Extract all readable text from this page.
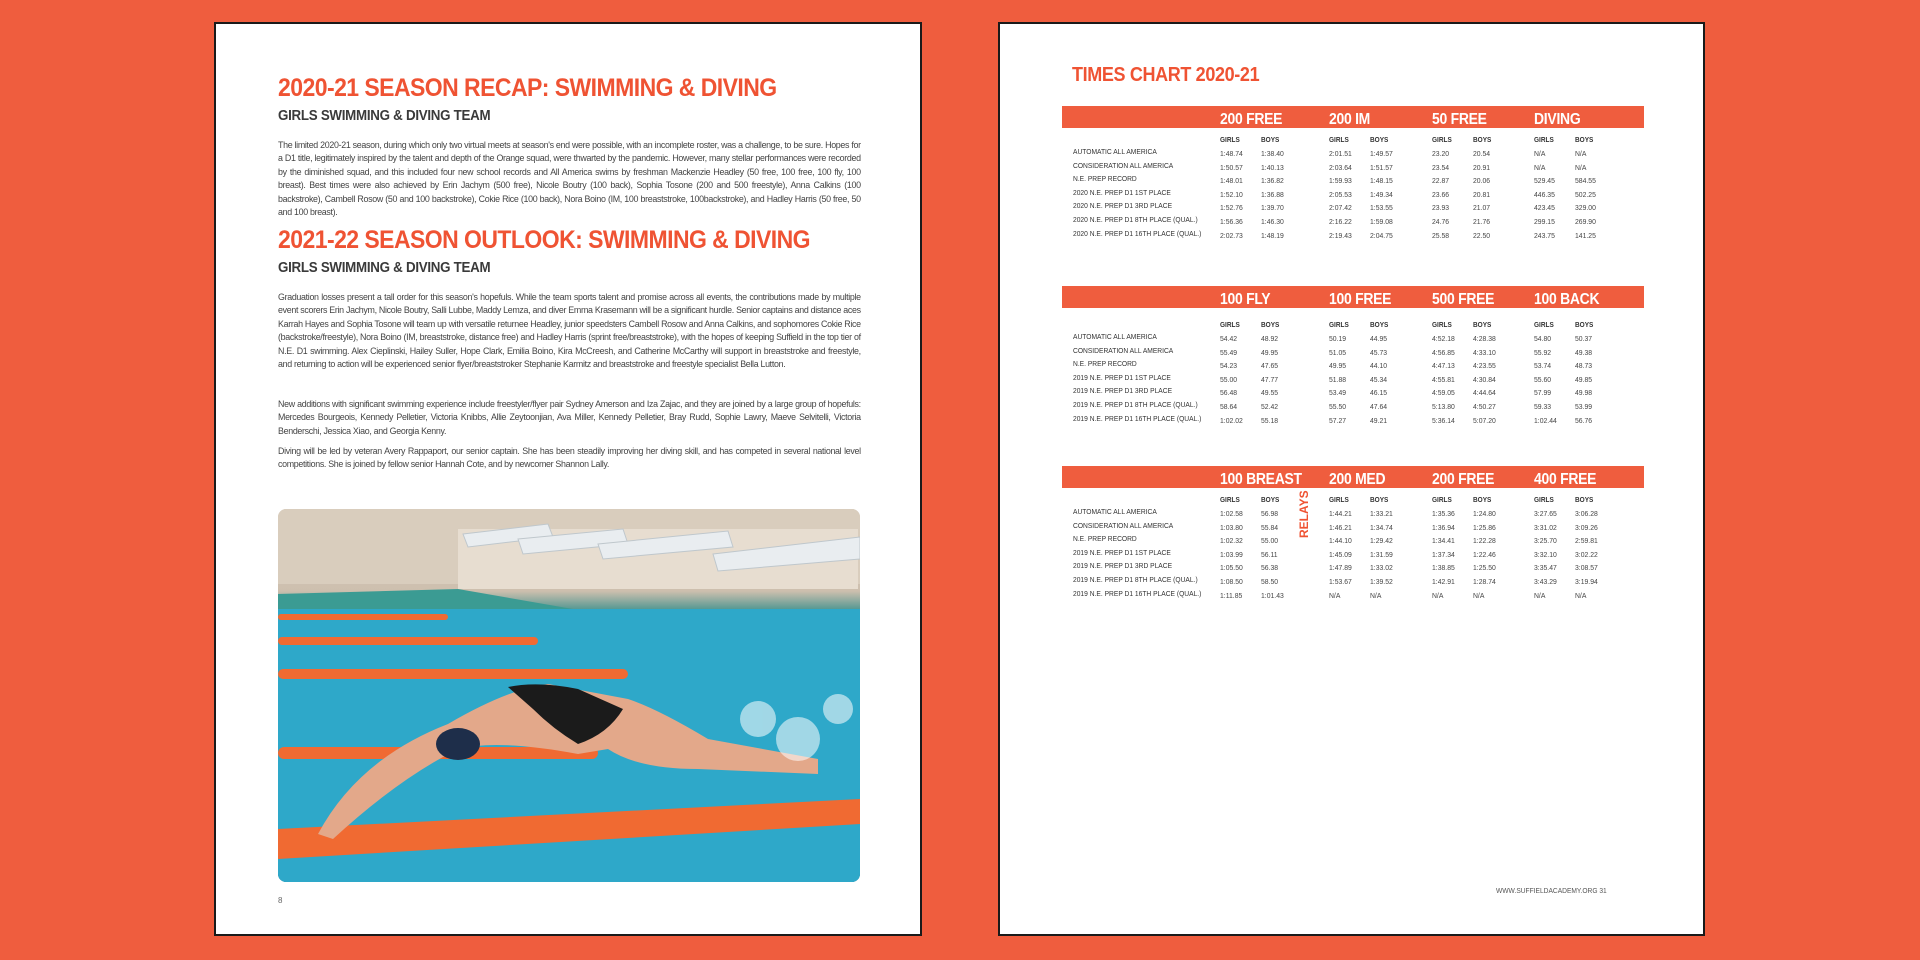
2020-21 SEASON RECAP: SWIMMING & DIVING
GIRLS SWIMMING & DIVING TEAM
The limited 2020-21 season, during which only two virtual meets at season's end were possible, with an incomplete roster, was a challenge, to be sure. Hopes for a D1 title, legitimately inspired by the talent and depth of the Orange squad, were thwarted by the pandemic. However, many stellar performances were recorded by the diminished squad, and this included four new school records and All America swims by freshman Mackenzie Headley (50 free, 100 free, 100 fly, 100 breast). Best times were also achieved by Erin Jachym (500 free), Nicole Boutry (100 back), Sophia Tosone (200 and 500 freestyle), Anna Calkins (100 backstroke), Cambell Rosow (50 and 100 backstroke), Cokie Rice (100 back), Nora Boino (IM, 100 breaststroke, 100backstroke), and Hadley Harris (50 free, 50 and 100 breast).
2021-22 SEASON OUTLOOK: SWIMMING & DIVING
GIRLS SWIMMING & DIVING TEAM
Graduation losses present a tall order for this season's hopefuls. While the team sports talent and promise across all events, the contributions made by multiple event scorers Erin Jachym, Nicole Boutry, Salli Lubbe, Maddy Lemza, and diver Emma Krasemann will be a significant hurdle. Senior captains and distance aces Karrah Hayes and Sophia Tosone will team up with versatile returnee Headley, junior speedsters Cambell Rosow and Anna Calkins, and sophomores Cokie Rice (backstroke/freestyle), Nora Boino (IM, breaststroke, distance free) and Hadley Harris (sprint free/breaststroke), with the hopes of keeping Suffield in the top tier of N.E. D1 swimming. Alex Cieplinski, Hailey Suller, Hope Clark, Emilia Boino, Kira McCreesh, and Catherine McCarthy will support in breaststroke and freestyle, and returning to action will be experienced senior flyer/breaststroker Stephanie Karmitz and breaststroke and freestyle specialist Bella Lutton.
New additions with significant swimming experience include freestyler/flyer pair Sydney Amerson and Iza Zajac, and they are joined by a large group of hopefuls: Mercedes Bourgeois, Kennedy Pelletier, Victoria Knibbs, Allie Zeytoonjian, Ava Miller, Kennedy Pelletier, Bray Rudd, Sophie Lawry, Maeve Selvitelli, Victoria Benderschi, Jessica Xiao, and Georgia Kenny.
Diving will be led by veteran Avery Rappaport, our senior captain. She has been steadily improving her diving skill, and has competed in several national level competitions. She is joined by fellow senior Hannah Cote, and by newcomer Shannon Lally.
8
TIMES CHART 2020-21
200 FREE
GIRLS	BOYS
200 IM
GIRLS	BOYS
50 FREE
GIRLS	BOYS
DIVING
GIRLS	BOYS
AUTOMATIC ALL AMERICA	1:48.74 1:38.40	2:01.51 1:49.57	23.20	20.54	N/A	N/A
CONSIDERATION ALL AMERICA	1:50.57 1:40.13	2:03.64 1:51.57	23.54	20.91	N/A	N/A
N.E. PREP RECORD	1:48.01 1:36.82	1:59.93 1:48.15	22.87	20.06	529.45	584.55
2020 N.E. PREP D1 1ST PLACE	1:52.10 1:36.88	2:05.53 1:49.34	23.66	20.81	446.35	502.25
2020 N.E. PREP D1 3RD PLACE	1:52.76 1:39.70	2:07.42 1:53.55	23.93	21.07	423.45	329.00
2020 N.E. PREP D1 8TH PLACE (QUAL.)	1:56.36 1:46.30	2:16.22 1:59.08	24.76	21.76	299.15	269.90
2020 N.E. PREP D1 16TH PLACE (QUAL.) 2:02.73 1:48.19	2:19.43 2:04.75	25.58	22.50	243.75	141.25
100 FLY
GIRLS	BOYS
100 FREE
GIRLS	BOYS
500 FREE
GIRLS	BOYS
100 BACK
GIRLS	BOYS
AUTOMATIC ALL AMERICA	54.42	48.92	50.19	44.95	4:52.18 4:28.38	54.80	50.37
CONSIDERATION ALL AMERICA	55.49	49.95	51.05	45.73	4:56.85 4:33.10	55.92	49.38
N.E. PREP RECORD	54.23	47.65	49.95	44.10	4:47.13 4:23.55	53.74	48.73
2019 N.E. PREP D1 1ST PLACE	55.00	47.77	51.88	45.34	4:55.81 4:30.84	55.60	49.85
2019 N.E. PREP D1 3RD PLACE	56.48	49.55	53.49	46.15	4:59.05 4:44.64	57.99	49.98
2019 N.E. PREP D1 8TH PLACE (QUAL.)	58.64	52.42	55.50	47.64	5:13.80 4:50.27	59.33	53.99
2019 N.E. PREP D1 16TH PLACE (QUAL.) 1:02.02 55.18	57.27	49.21	5:36.14 5:07.20	1:02.44 56.76
100 BREAST
GIRLS	BOYS
200 MED
GIRLS	BOYS
200 FREE
GIRLS	BOYS
400 FREE
GIRLS	BOYS
AUTOMATIC ALL AMERICA	1:02.58 56.98	1:44.21 1:33.21	1:35.36 1:24.80	3:27.65 3:06.28
CONSIDERATION ALL AMERICA	1:03.80 55.84	1:46.21 1:34.74	1:36.94 1:25.86	3:31.02 3:09.26
N.E. PREP RECORD	1:02.32 55.00	1:44.10 1:29.42	1:34.41 1:22.28	3:25.70 2:59.81
2019 N.E. PREP D1 1ST PLACE	1:03.99 56.11	1:45.09 1:31.59	1:37.34 1:22.46	3:32.10 3:02.22
2019 N.E. PREP D1 3RD PLACE	1:05.50 56.38	1:47.89 1:33.02	1:38.85 1:25.50	3:35.47 3:08.57
2019 N.E. PREP D1 8TH PLACE (QUAL.)	1:08.50 58.50	1:53.67 1:39.52	1:42.91 1:28.74	3:43.29 3:19.94
2019 N.E. PREP D1 16TH PLACE (QUAL.) 1:11.85 1:01.43	N/A	N/A	N/A	N/A	N/A	N/A
RELAYS
WWW.SUFFIELDACADEMY.ORG 31
